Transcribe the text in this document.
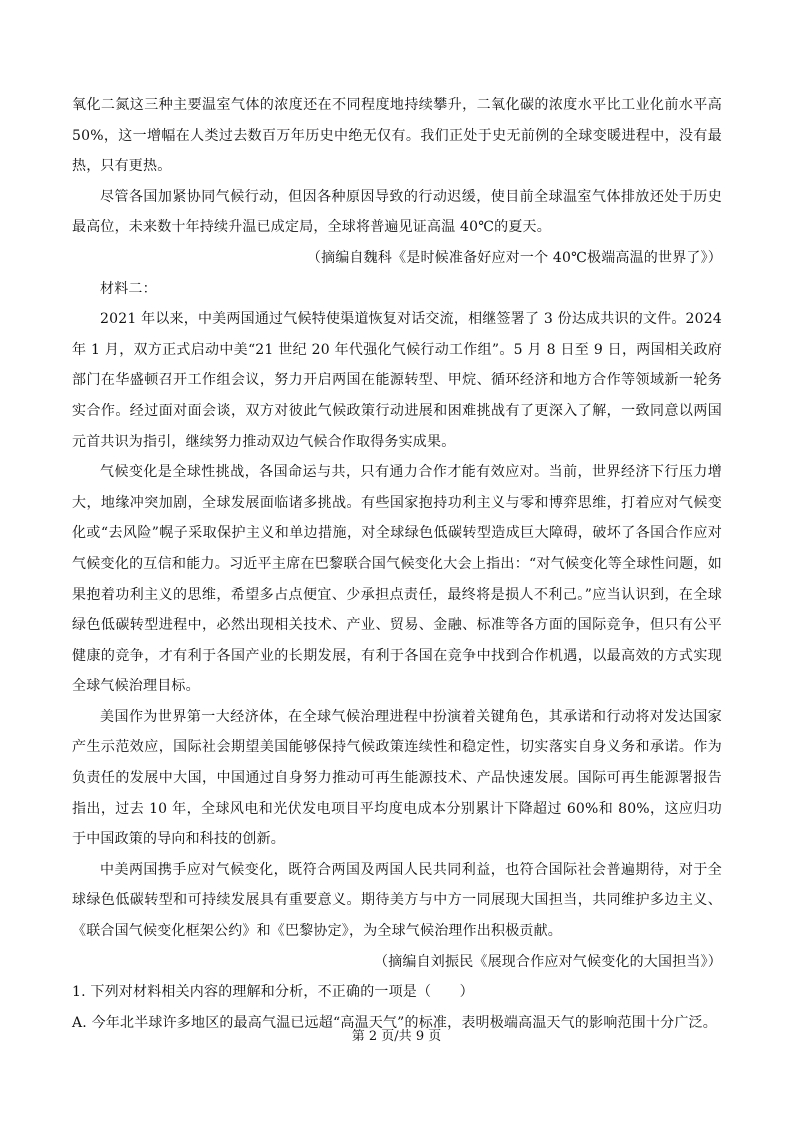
氧化二氮这三种主要温室气体的浓度还在不同程度地持续攀升，二氧化碳的浓度水平比工业化前水平高50%，这一增幅在人类过去数百万年历史中绝无仅有。我们正处于史无前例的全球变暖进程中，没有最热，只有更热。

尽管各国加紧协同气候行动，但因各种原因导致的行动迟缓，使目前全球温室气体排放还处于历史最高位，未来数十年持续升温已成定局，全球将普遍见证高温 40℃的夏天。

（摘编自魏科《是时候准备好应对一个 40℃极端高温的世界了》）

材料二：

2021 年以来，中美两国通过气候特使渠道恢复对话交流，相继签署了 3 份达成共识的文件。2024 年 1 月，双方正式启动中美“21 世纪 20 年代强化气候行动工作组”。5 月 8 日至 9 日，两国相关政府部门在华盛顿召开工作组会议，努力开启两国在能源转型、甲烷、循环经济和地方合作等领域新一轮务实合作。经过面对面会谈，双方对彼此气候政策行动进展和困难挑战有了更深入了解，一致同意以两国元首共识为指引，继续努力推动双边气候合作取得务实成果。

气候变化是全球性挑战，各国命运与共，只有通力合作才能有效应对。当前，世界经济下行压力增大，地缘冲突加剧，全球发展面临诸多挑战。有些国家抱持功利主义与零和博弈思维，打着应对气候变化或“去风险”幌子采取保护主义和单边措施，对全球绿色低碳转型造成巨大障碍，破坏了各国合作应对气候变化的互信和能力。习近平主席在巴黎联合国气候变化大会上指出：“对气候变化等全球性问题，如果抱着功利主义的思维，希望多占点便宜、少承担点责任，最终将是损人不利己。”应当认识到，在全球绿色低碳转型进程中，必然出现相关技术、产业、贸易、金融、标准等各方面的国际竞争，但只有公平健康的竞争，才有利于各国产业的长期发展，有利于各国在竞争中找到合作机遇，以最高效的方式实现全球气候治理目标。

美国作为世界第一大经济体，在全球气候治理进程中扮演着关键角色，其承诺和行动将对发达国家产生示范效应，国际社会期望美国能够保持气候政策连续性和稳定性，切实落实自身义务和承诺。作为负责任的发展中大国，中国通过自身努力推动可再生能源技术、产品快速发展。国际可再生能源署报告指出，过去 10 年，全球风电和光伏发电项目平均度电成本分别累计下降超过 60%和 80%，这应归功于中国政策的导向和科技的创新。

中美两国携手应对气候变化，既符合两国及两国人民共同利益，也符合国际社会普遍期待，对于全球绿色低碳转型和可持续发展具有重要意义。期待美方与中方一同展现大国担当，共同维护多边主义、《联合国气候变化框架公约》和《巴黎协定》，为全球气候治理作出积极贡献。

（摘编自刘振民《展现合作应对气候变化的大国担当》）

1. 下列对材料相关内容的理解和分析，不正确的一项是（　　）

A. 今年北半球许多地区的最高气温已远超“高温天气”的标准，表明极端高温天气的影响范围十分广泛。

第 2 页/共 9 页
